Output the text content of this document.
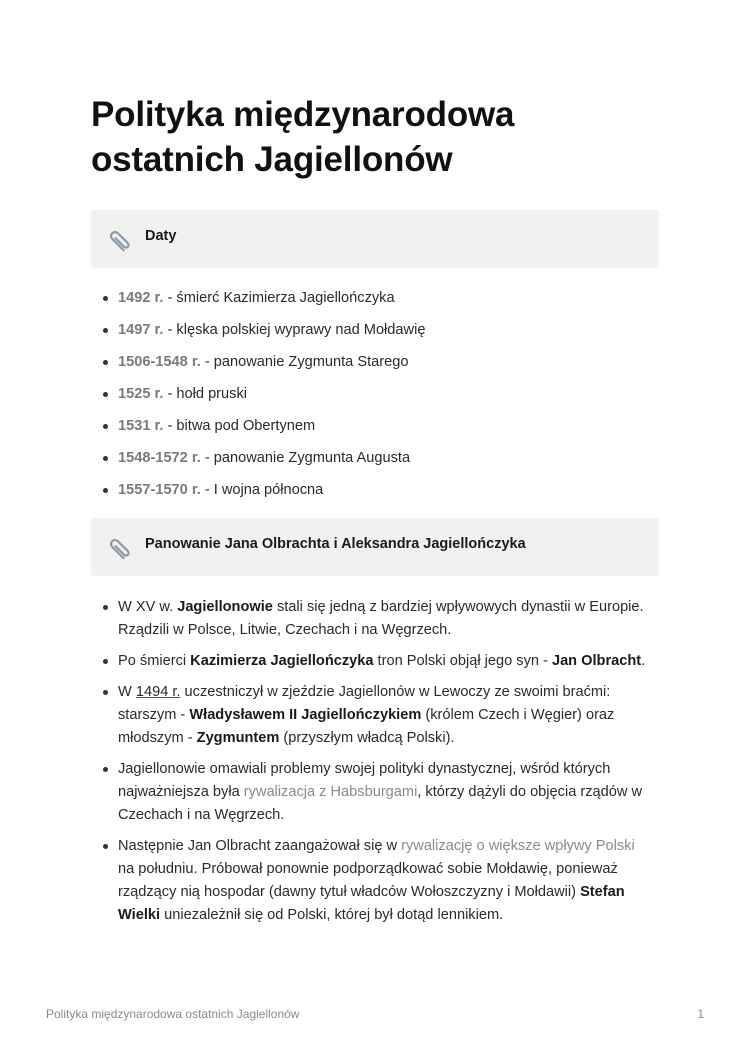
Polityka międzynarodowa ostatnich Jagiellonów
Daty
1492 r. - śmierć Kazimierza Jagiellończyka
1497 r. - klęska polskiej wyprawy nad Mołdawię
1506-1548 r. - panowanie Zygmunta Starego
1525 r. - hołd pruski
1531 r. - bitwa pod Obertynem
1548-1572 r. - panowanie Zygmunta Augusta
1557-1570 r. - I wojna północna
Panowanie Jana Olbrachta i Aleksandra Jagiellończyka
W XV w. Jagiellonowie stali się jedną z bardziej wpływowych dynastii w Europie. Rządzili w Polsce, Litwie, Czechach i na Węgrzech.
Po śmierci Kazimierza Jagiellończyka tron Polski objął jego syn - Jan Olbracht.
W 1494 r. uczestniczył w zjeździe Jagiellonów w Lewoczy ze swoimi braćmi: starszym - Władysławem II Jagiellończykiem (królem Czech i Węgier) oraz młodszym - Zygmuntem (przyszłym władcą Polski).
Jagiellonowie omawiali problemy swojej polityki dynastycznej, wśród których najważniejsza była rywalizacja z Habsburgami, którzy dążyli do objęcia rządów w Czechach i na Węgrzech.
Następnie Jan Olbracht zaangażował się w rywalizację o większe wpływy Polski na południu. Próbował ponownie podporządkować sobie Mołdawię, ponieważ rządzący nią hospodar (dawny tytuł władców Wołoszczyzny i Mołdawii) Stefan Wielki uniezależnił się od Polski, której był dotąd lennikiem.
Polityka międzynarodowa ostatnich Jagiellonów	1
